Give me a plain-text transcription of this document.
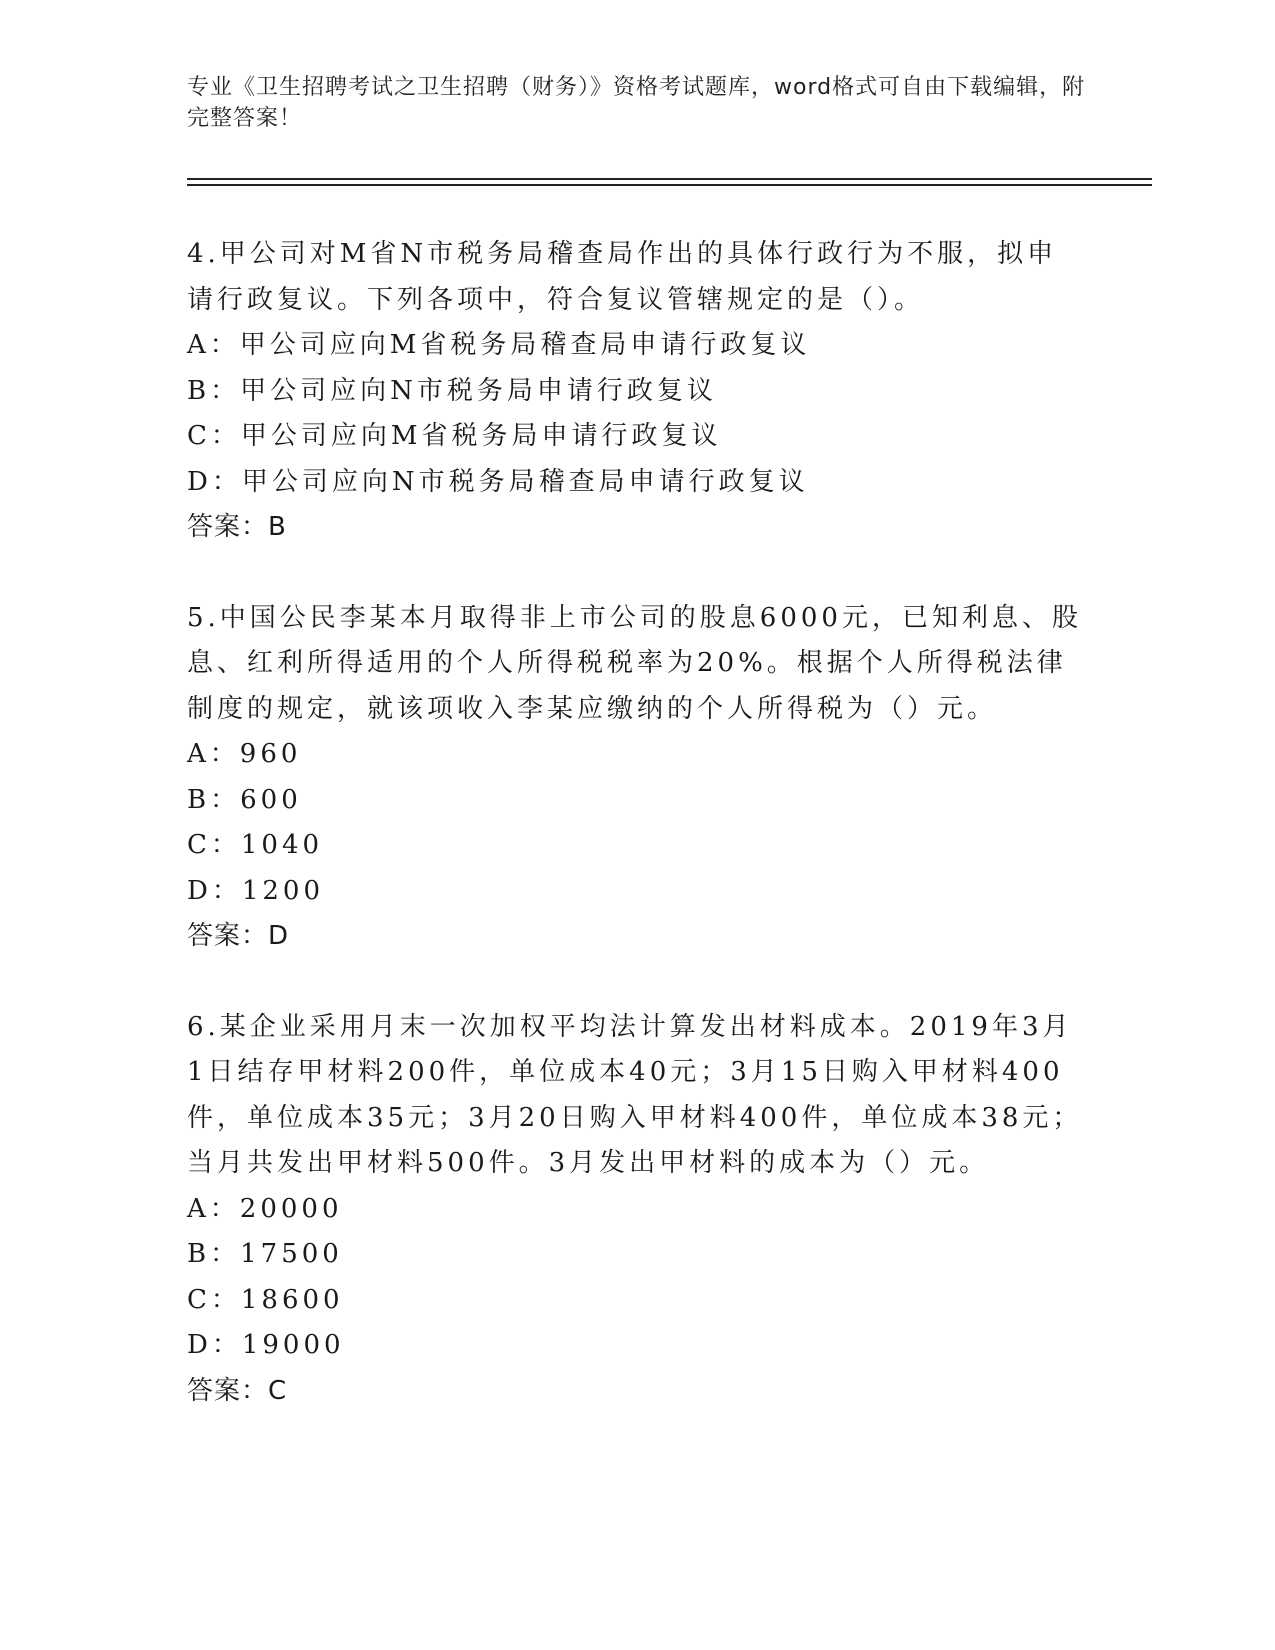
专业《卫生招聘考试之卫生招聘（财务）》资格考试题库，word格式可自由下载编辑，附完整答案！

4.甲公司对M省N市税务局稽查局作出的具体行政行为不服，拟申请行政复议。下列各项中，符合复议管辖规定的是（）。

A：甲公司应向M省税务局稽查局申请行政复议

B：甲公司应向N市税务局申请行政复议

C：甲公司应向M省税务局申请行政复议

D：甲公司应向N市税务局稽查局申请行政复议

答案：B

5.中国公民李某本月取得非上市公司的股息6000元，已知利息、股息、红利所得适用的个人所得税税率为20%。根据个人所得税法律制度的规定，就该项收入李某应缴纳的个人所得税为（）元。

A：960

B：600

C：1040

D：1200

答案：D

6.某企业采用月末一次加权平均法计算发出材料成本。2019年3月1日结存甲材料200件，单位成本40元；3月15日购入甲材料400件，单位成本35元；3月20日购入甲材料400件，单位成本38元；当月共发出甲材料500件。3月发出甲材料的成本为（）元。

A：20000

B：17500

C：18600

D：19000

答案：C
